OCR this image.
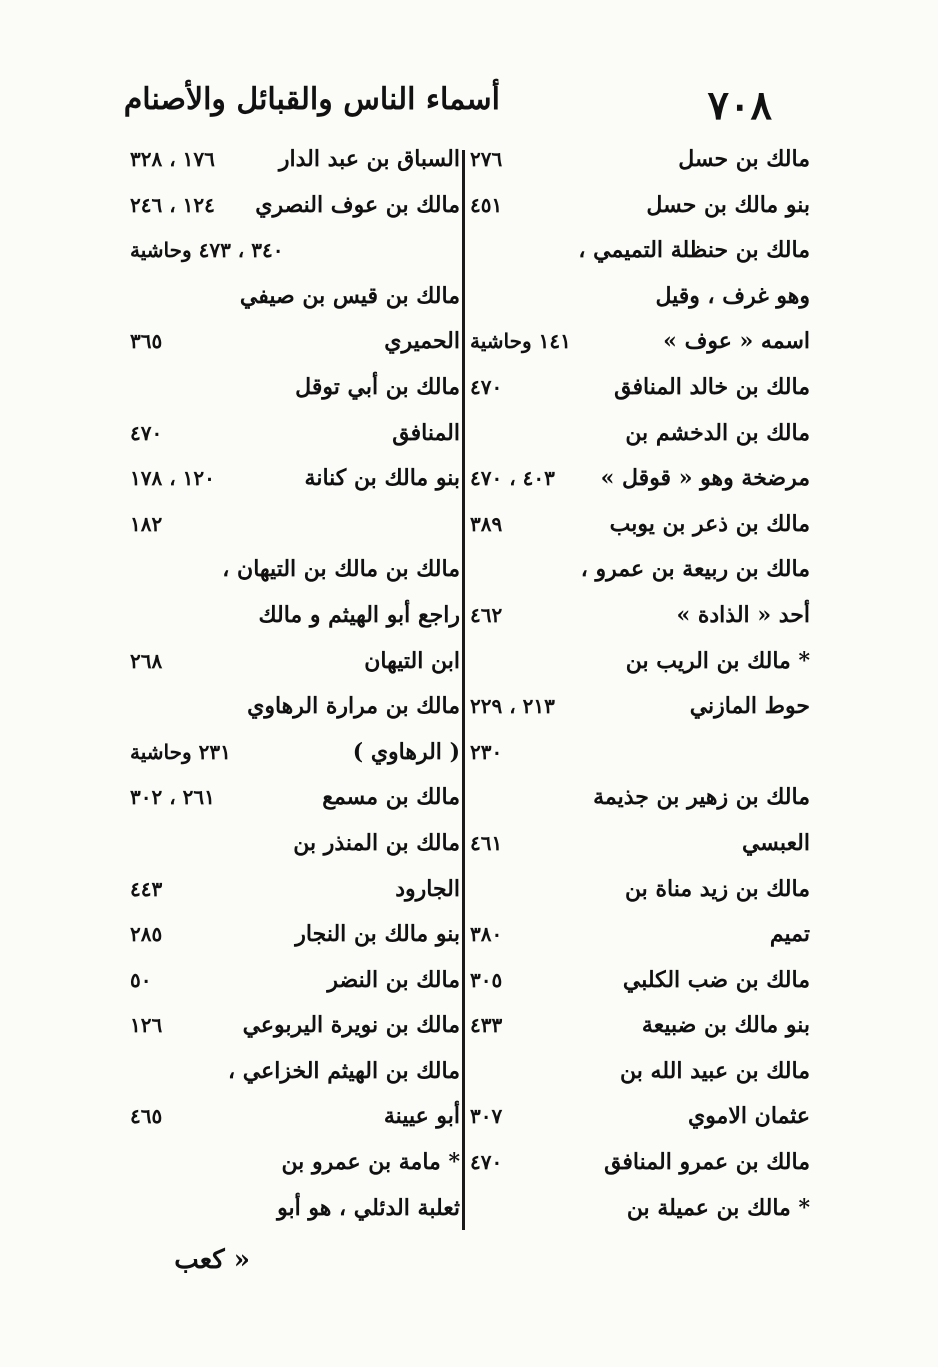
أسماء الناس والقبائل والأصنام	٧٠٨
مالك بن حسل
٢٧٦
بنو مالك بن حسل
٤٥١
مالك بن حنظلة التميمي ،
وهو غرف ، وقيل
اسمه « عوف »
١٤١ وحاشية
مالك بن خالد المنافق
٤٧٠
مالك بن الدخشم بن
مرضخة وهو « قوقل »
٤٠٣ ، ٤٧٠
مالك بن ذعر بن يوبب
٣٨٩
مالك بن ربيعة بن عمرو ،
أحد « الذادة »
٤٦٢
* مالك بن الريب بن
حوط المازني
٢١٣ ، ٢٢٩
٢٣٠
مالك بن زهير بن جذيمة
العبسي
٤٦١
مالك بن زيد مناة بن
تميم
٣٨٠
مالك بن ضب الكلبي
٣٠٥
بنو مالك بن ضبيعة
٤٣٣
مالك بن عبيد الله بن
عثمان الاموي
٣٠٧
مالك بن عمرو المنافق
٤٧٠
* مالك بن عميلة بن
السباق بن عبد الدار
١٧٦ ، ٣٢٨
مالك بن عوف النصري
١٢٤ ، ٢٤٦
٣٤٠ ، ٤٧٣ وحاشية
مالك بن قيس بن صيفي
الحميري
٣٦٥
مالك بن أبي توقل
المنافق
٤٧٠
بنو مالك بن كنانة
١٢٠ ، ١٧٨
١٨٢
مالك بن مالك بن التيهان ،
راجع أبو الهيثم و مالك
ابن التيهان
٢٦٨
مالك بن مرارة الرهاوي
( الرهاوي )
٢٣١ وحاشية
مالك بن مسمع
٢٦١ ، ٣٠٢
مالك بن المنذر بن
الجارود
٤٤٣
بنو مالك بن النجار
٢٨٥
مالك بن النضر
٥٠
مالك بن نويرة اليربوعي
١٢٦
مالك بن الهيثم الخزاعي ،
أبو عيينة
٤٦٥
* مامة بن عمرو بن
ثعلبة الدئلي ، هو أبو
« كعب
